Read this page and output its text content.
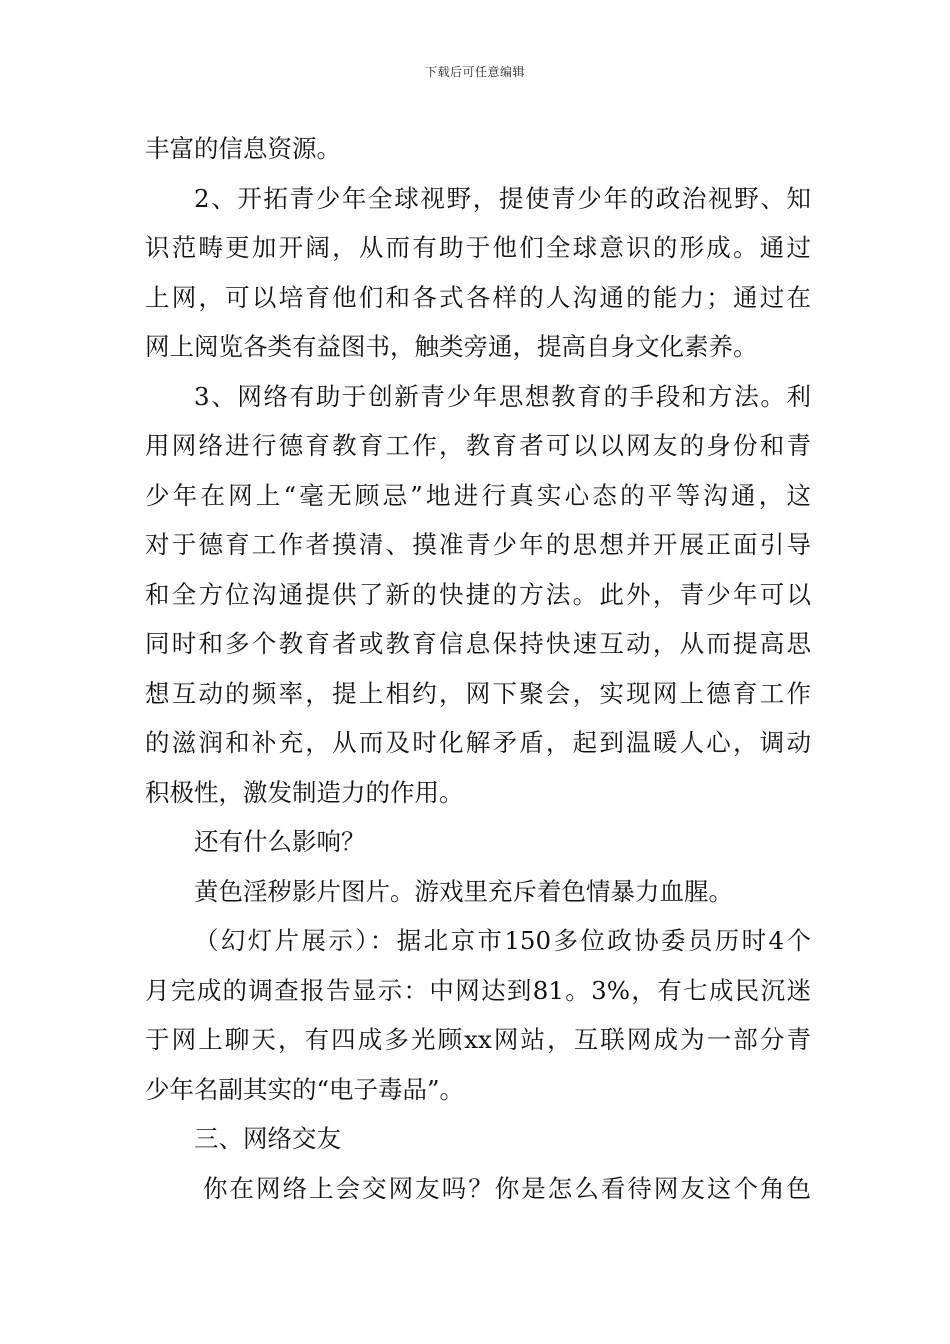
下载后可任意编辑
丰富的信息资源。
2、开拓青少年全球视野，提使青少年的政治视野、知
识范畴更加开阔，从而有助于他们全球意识的形成。通过
上网，可以培育他们和各式各样的人沟通的能力；通过在
网上阅览各类有益图书，触类旁通，提高自身文化素养。
3、网络有助于创新青少年思想教育的手段和方法。利
用网络进行德育教育工作，教育者可以以网友的身份和青
少年在网上“毫无顾忌”地进行真实心态的平等沟通，这
对于德育工作者摸清、摸准青少年的思想并开展正面引导
和全方位沟通提供了新的快捷的方法。此外，青少年可以
同时和多个教育者或教育信息保持快速互动，从而提高思
想互动的频率，提上相约，网下聚会，实现网上德育工作
的滋润和补充，从而及时化解矛盾，起到温暖人心，调动
积极性，激发制造力的作用。
还有什么影响？
黄色淫秽影片图片。游戏里充斥着色情暴力血腥。
（幻灯片展示）：据北京市150多位政协委员历时4个
月完成的调查报告显示：中网达到81。3%，有七成民沉迷
于网上聊天，有四成多光顾xx网站，互联网成为一部分青
少年名副其实的“电子毒品”。
三、网络交友
你在网络上会交网友吗？你是怎么看待网友这个角色
